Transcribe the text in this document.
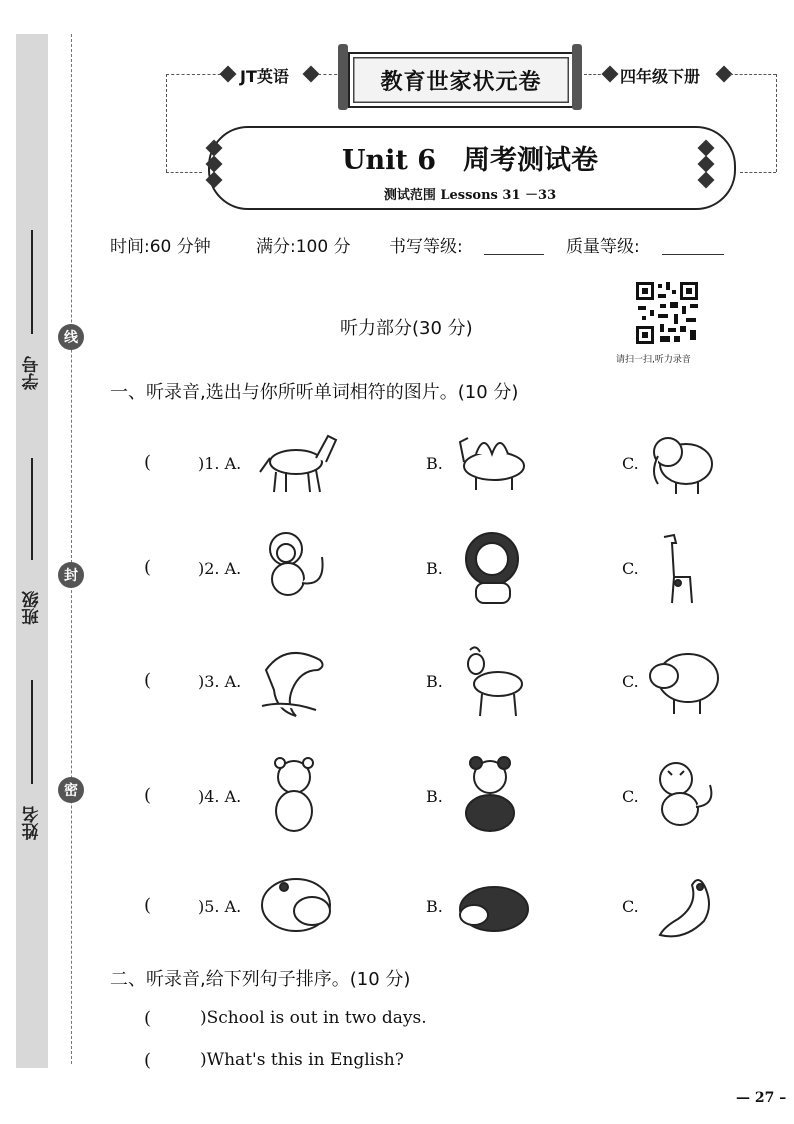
学号
班级
姓名
线
封
密
JT英语	教育世家状元卷	四年级下册
Unit 6　周考测试卷
测试范围 Lessons 31 －33
时间:60 分钟	满分:100 分 书写等级:	质量等级:
听力部分(30 分)
请扫一扫,听力录音
一、听录音,选出与你所听单词相符的图片。(10 分)
(	)1. A.	B.	C.
(	)2. A.	B.	C.
(	)3. A.	B.	C.
(	)4. A.	B.	C.
(	)5. A.	B.	C.
二、听录音,给下列句子排序。(10 分)
(	)School is out in two days.
(	)What's this in English?
— 27 –
